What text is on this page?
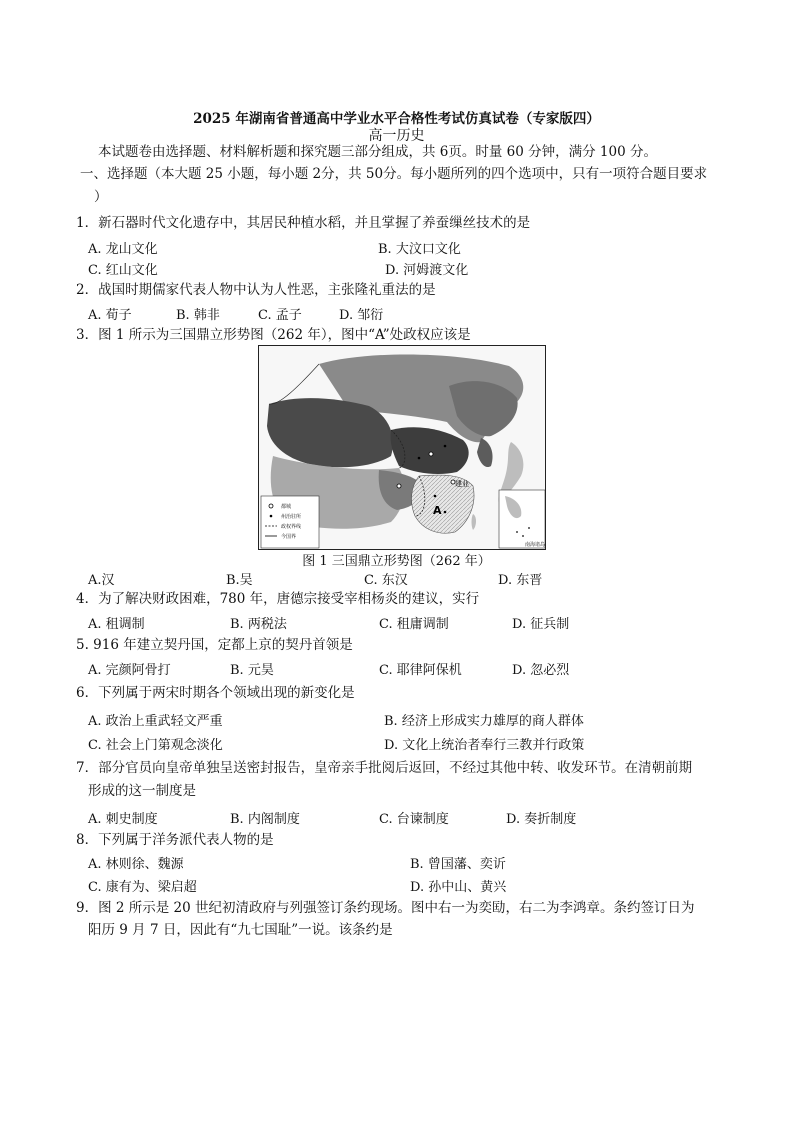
2025 年湖南省普通高中学业水平合格性考试仿真试卷（专家版四）
高一历史
本试题卷由选择题、材料解析题和探究题三部分组成，共 6页。时量 60 分钟，满分 100 分。
一、选择题（本大题 25 小题，每小题 2分，共 50分。每小题所列的四个选项中，只有一项符合题目要求
）
1．新石器时代文化遗存中，其居民种植水稻，并且掌握了养蚕缫丝技术的是
A. 龙山文化	B. 大汶口文化
C. 红山文化	D. 河姆渡文化
2．战国时期儒家代表人物中认为人性恶，主张隆礼重法的是
A. 荀子	B. 韩非	C. 孟子	D. 邹衍
3．图 1 所示为三国鼎立形势图（262 年），图中“A”处政权应该是
都城
州治驻所
政权界线
今国界
南海诸岛
建业
A
图 1 三国鼎立形势图（262 年）
A.汉	B.吴	C. 东汉	D. 东晋
4．为了解决财政困难，780 年，唐德宗接受宰相杨炎的建议，实行
A. 租调制	B. 两税法	C. 租庸调制	D. 征兵制
5. 916 年建立契丹国，定都上京的契丹首领是
A. 完颜阿骨打	B. 元昊	C. 耶律阿保机	D. 忽必烈
6．下列属于两宋时期各个领域出现的新变化是
A. 政治上重武轻文严重	B. 经济上形成实力雄厚的商人群体
C. 社会上门第观念淡化	D. 文化上统治者奉行三教并行政策
7．部分官员向皇帝单独呈送密封报告，皇帝亲手批阅后返回，不经过其他中转、收发环节。在清朝前期
形成的这一制度是
A. 刺史制度	B. 内阁制度	C. 台谏制度	D. 奏折制度
8．下列属于洋务派代表人物的是
A. 林则徐、魏源	B. 曾国藩、奕䜣
C. 康有为、梁启超	D. 孙中山、黄兴
9．图 2 所示是 20 世纪初清政府与列强签订条约现场。图中右一为奕劻，右二为李鸿章。条约签订日为
阳历 9 月 7 日，因此有“九七国耻”一说。该条约是
